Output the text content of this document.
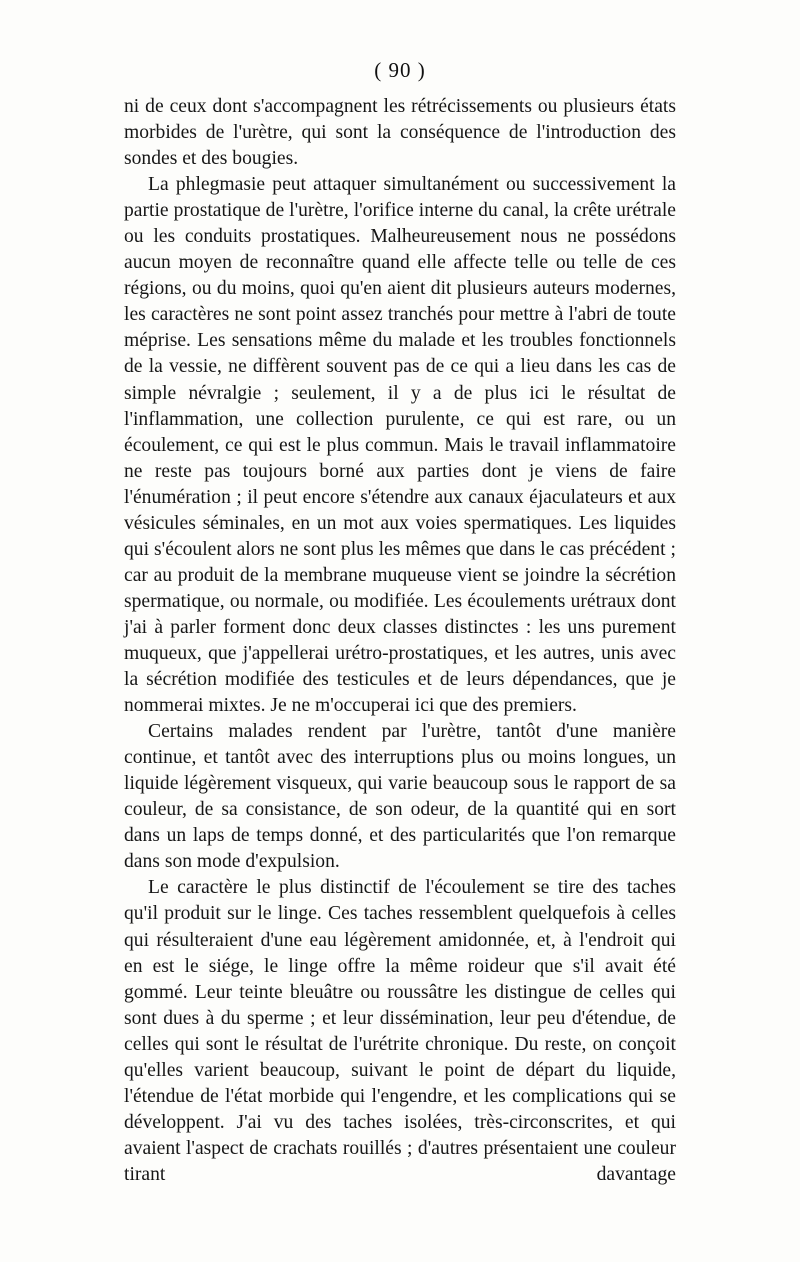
( 90 )

ni de ceux dont s'accompagnent les rétrécissements ou plusieurs états morbides de l'urètre, qui sont la conséquence de l'introduction des sondes et des bougies.

La phlegmasie peut attaquer simultanément ou successivement la partie prostatique de l'urètre, l'orifice interne du canal, la crête urétrale ou les conduits prostatiques. Malheureusement nous ne possédons aucun moyen de reconnaître quand elle affecte telle ou telle de ces régions, ou du moins, quoi qu'en aient dit plusieurs auteurs modernes, les caractères ne sont point assez tranchés pour mettre à l'abri de toute méprise. Les sensations même du malade et les troubles fonctionnels de la vessie, ne diffèrent souvent pas de ce qui a lieu dans les cas de simple névralgie ; seulement, il y a de plus ici le résultat de l'inflammation, une collection purulente, ce qui est rare, ou un écoulement, ce qui est le plus commun. Mais le travail inflammatoire ne reste pas toujours borné aux parties dont je viens de faire l'énumération ; il peut encore s'étendre aux canaux éjaculateurs et aux vésicules séminales, en un mot aux voies spermatiques. Les liquides qui s'écoulent alors ne sont plus les mêmes que dans le cas précédent ; car au produit de la membrane muqueuse vient se joindre la sécrétion spermatique, ou normale, ou modifiée. Les écoulements urétraux dont j'ai à parler forment donc deux classes distinctes : les uns purement muqueux, que j'appellerai urétro-prostatiques, et les autres, unis avec la sécrétion modifiée des testicules et de leurs dépendances, que je nommerai mixtes. Je ne m'occuperai ici que des premiers.

Certains malades rendent par l'urètre, tantôt d'une manière continue, et tantôt avec des interruptions plus ou moins longues, un liquide légèrement visqueux, qui varie beaucoup sous le rapport de sa couleur, de sa consistance, de son odeur, de la quantité qui en sort dans un laps de temps donné, et des particularités que l'on remarque dans son mode d'expulsion.

Le caractère le plus distinctif de l'écoulement se tire des taches qu'il produit sur le linge. Ces taches ressemblent quelquefois à celles qui résulteraient d'une eau légèrement amidonnée, et, à l'endroit qui en est le siége, le linge offre la même roideur que s'il avait été gommé. Leur teinte bleuâtre ou roussâtre les distingue de celles qui sont dues à du sperme ; et leur dissémination, leur peu d'étendue, de celles qui sont le résultat de l'urétrite chronique. Du reste, on conçoit qu'elles varient beaucoup, suivant le point de départ du liquide, l'étendue de l'état morbide qui l'engendre, et les complications qui se développent. J'ai vu des taches isolées, très-circonscrites, et qui avaient l'aspect de crachats rouillés ; d'autres présentaient une couleur tirant davantage
